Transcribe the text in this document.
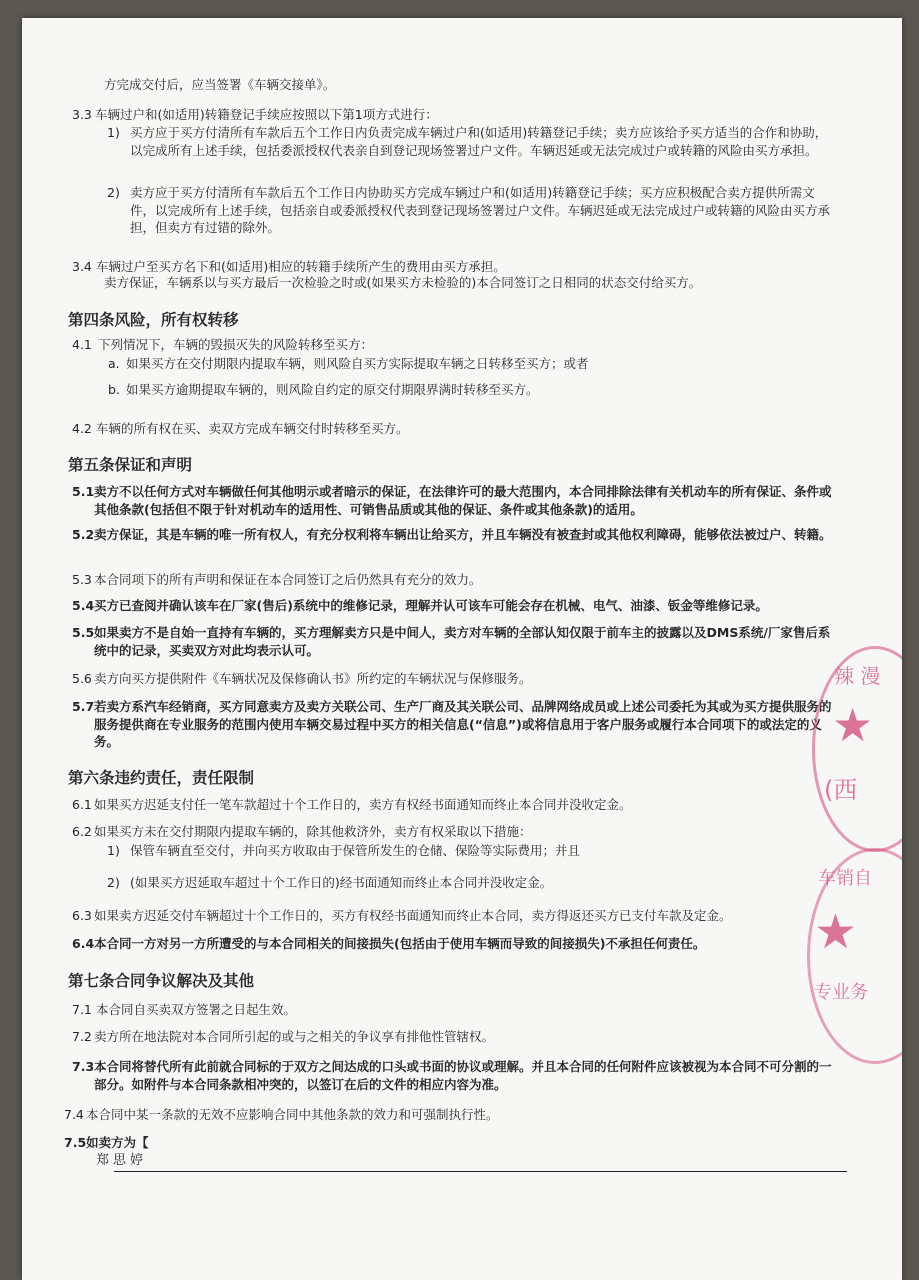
方完成交付后，应当签署《车辆交接单》。
3.3 车辆过户和(如适用)转籍登记手续应按照以下第1项方式进行：
1) 买方应于买方付清所有车款后五个工作日内负责完成车辆过户和(如适用)转籍登记手续；卖方应该给予买方适当的合作和协助，以完成所有上述手续，包括委派授权代表亲自到登记现场签署过户文件。车辆迟延或无法完成过户或转籍的风险由买方承担。
2) 卖方应于买方付清所有车款后五个工作日内协助买方完成车辆过户和(如适用)转籍登记手续；买方应积极配合卖方提供所需文件，以完成所有上述手续，包括亲自或委派授权代表到登记现场签署过户文件。车辆迟延或无法完成过户或转籍的风险由买方承担，但卖方有过错的除外。
3.4 车辆过户至买方名下和(如适用)相应的转籍手续所产生的费用由买方承担。
卖方保证，车辆系以与买方最后一次检验之时或(如果买方未检验的)本合同签订之日相同的状态交付给买方。
第四条风险，所有权转移
4.1 下列情况下，车辆的毁损灭失的风险转移至买方：
a. 如果买方在交付期限内提取车辆，则风险自买方实际提取车辆之日转移至买方；或者
b. 如果买方逾期提取车辆的，则风险自约定的原交付期限界满时转移至买方。
4.2 车辆的所有权在买、卖双方完成车辆交付时转移至买方。
第五条保证和声明
5.1 卖方不以任何方式对车辆做任何其他明示或者暗示的保证，在法律许可的最大范围内，本合同排除法律有关机动车的所有保证、条件或其他条款(包括但不限于针对机动车的适用性、可销售品质或其他的保证、条件或其他条款)的适用。
5.2 卖方保证，其是车辆的唯一所有权人，有充分权利将车辆出让给买方，并且车辆没有被查封或其他权利障碍，能够依法被过户、转籍。
5.3 本合同项下的所有声明和保证在本合同签订之后仍然具有充分的效力。
5.4 买方已查阅并确认该车在厂家(售后)系统中的维修记录，理解并认可该车可能会存在机械、电气、油漆、钣金等维修记录。
5.5 如果卖方不是自始一直持有车辆的，买方理解卖方只是中间人，卖方对车辆的全部认知仅限于前车主的披露以及DMS系统/厂家售后系统中的记录，买卖双方对此均表示认可。
5.6 卖方向买方提供附件《车辆状况及保修确认书》所约定的车辆状况与保修服务。
5.7 若卖方系汽车经销商，买方同意卖方及卖方关联公司、生产厂商及其关联公司、品牌网络成员或上述公司委托为其或为买方提供服务的服务提供商在专业服务的范围内使用车辆交易过程中买方的相关信息(“信息”)或将信息用于客户服务或履行本合同项下的或法定的义务。
第六条违约责任，责任限制
6.1 如果买方迟延支付任一笔车款超过十个工作日的，卖方有权经书面通知而终止本合同并没收定金。
6.2 如果买方未在交付期限内提取车辆的，除其他救济外，卖方有权采取以下措施：
1) 保管车辆直至交付，并向买方收取由于保管所发生的仓储、保险等实际费用；并且
2) (如果买方迟延取车超过十个工作日的)经书面通知而终止本合同并没收定金。
6.3 如果卖方迟延交付车辆超过十个工作日的，买方有权经书面通知而终止本合同，卖方得返还买方已支付车款及定金。
6.4 本合同一方对另一方所遭受的与本合同相关的间接损失(包括由于使用车辆而导致的间接损失)不承担任何责任。
第七条合同争议解决及其他
7.1 本合同自买卖双方签署之日起生效。
7.2 卖方所在地法院对本合同所引起的或与之相关的争议享有排他性管辖权。
7.3 本合同将替代所有此前就合同标的于双方之间达成的口头或书面的协议或理解。并且本合同的任何附件应该被视为本合同不可分割的一部分。如附件与本合同条款相冲突的，以签订在后的文件的相应内容为准。
7.4 本合同中某一条款的无效不应影响合同中其他条款的效力和可强制执行性。
7.5 如卖方为【
郑思婷
辣 漫
★
(西
车销自
★
专业务
